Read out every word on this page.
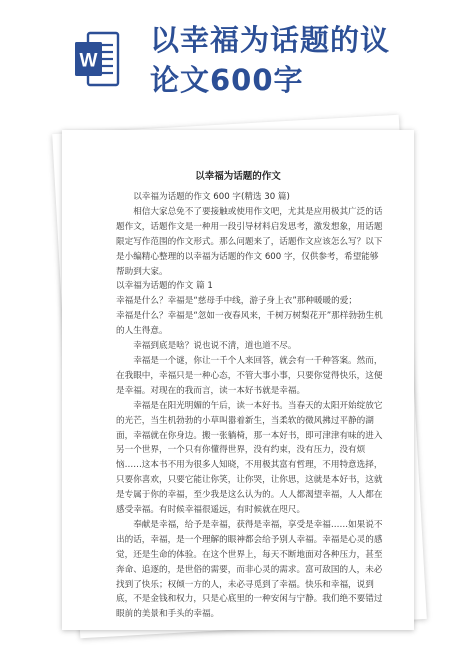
W
以幸福为话题的议
论文600字
以幸福为话题的作文

以幸福为话题的作文 600 字(精选 30 篇)

相信大家总免不了要接触或使用作文吧，尤其是应用极其广泛的话题作文，话题作文是一种用一段引导材料启发思考，激发想象，用话题限定写作范围的作文形式。那么问题来了，话题作文应该怎么写？以下是小编精心整理的以幸福为话题的作文 600 字，仅供参考，希望能够帮助到大家。

以幸福为话题的作文 篇 1

幸福是什么？幸福是“慈母手中线，游子身上衣”那种暖暖的爱；

幸福是什么？幸福是“忽如一夜春风来，千树万树梨花开”那样勃勃生机的人生得意。

幸福到底是啥？说也说不清，道也道不尽。

幸福是一个谜，你让一千个人来回答，就会有一千种答案。然而，在我眼中，幸福只是一种心态，不管大事小事，只要你觉得快乐，这便是幸福。对现在的我而言，读一本好书就是幸福。

幸福是在阳光明媚的午后，读一本好书。当春天的太阳开始绽放它的光芒，当生机勃勃的小草叫嚣着新生，当柔软的微风拂过平静的湖面，幸福就在你身边。搬一张躺椅，那一本好书，即可津津有味的进入另一个世界，一个只有你懂得世界，没有约束，没有压力，没有烦恼……这本书不用为很多人知晓，不用极其富有哲理，不用特意选择，只要你喜欢，只要它能让你笑，让你哭，让你思，这就是本好书，这就是专属于你的幸福，至少我是这么认为的。人人都渴望幸福，人人都在感受幸福。有时候幸福很遥远，有时候就在咫尺。

奉献是幸福，给予是幸福，获得是幸福，享受是幸福……如果说不出的话，幸福，是一个理解的眼神都会给予别人幸福。幸福是心灵的感觉，还是生命的体验。在这个世界上，每天不断地面对各种压力，甚至奔命、追逐的，是世俗的需要，而非心灵的需求。富可敌国的人，未必找到了快乐；权倾一方的人，未必寻觅到了幸福。快乐和幸福，说到底，不是金钱和权力，只是心底里的一种安闲与宁静。我们绝不要错过眼前的美景和手头的幸福。
